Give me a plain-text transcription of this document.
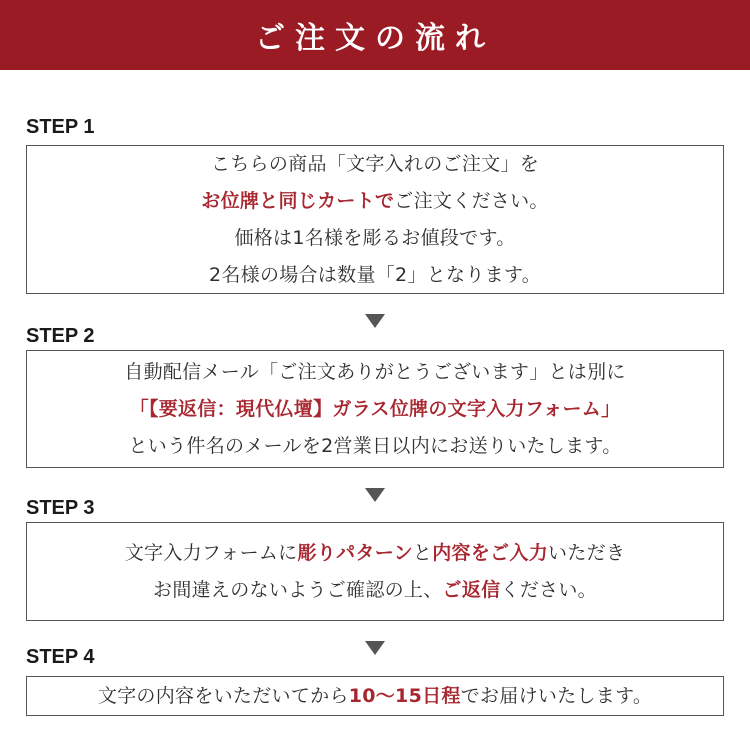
ご注文の流れ
STEP 1
こちらの商品「文字入れのご注文」を
お位牌と同じカートでご注文ください。
価格は1名様を彫るお値段です。
2名様の場合は数量「2」となります。
STEP 2
自動配信メール「ご注文ありがとうございます」とは別に
「【要返信：現代仏壇】ガラス位牌の文字入力フォーム」
という件名のメールを2営業日以内にお送りいたします。
STEP 3
文字入力フォームに彫りパターンと内容をご入力いただき
お間違えのないようご確認の上、ご返信ください。
STEP 4
文字の内容をいただいてから10〜15日程でお届けいたします。
